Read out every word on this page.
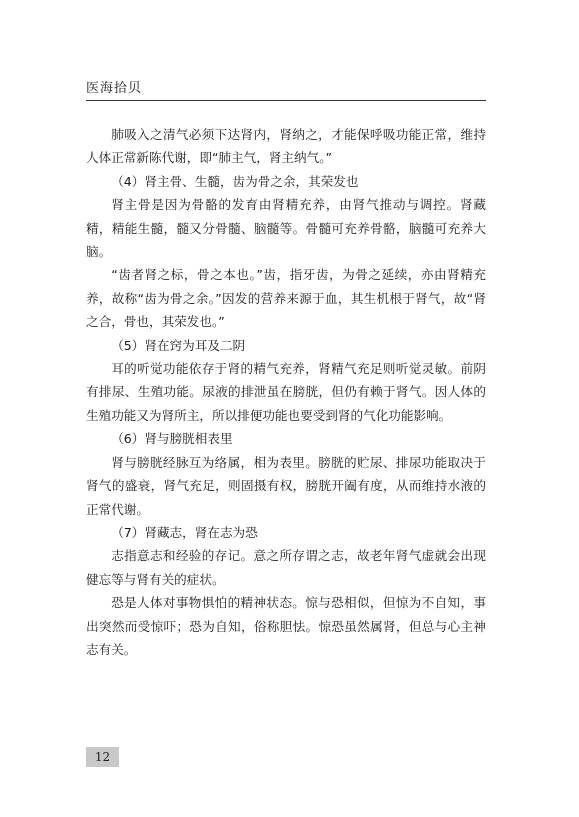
医海拾贝

肺吸入之清气必须下达肾内，肾纳之，才能保呼吸功能正常，维持人体正常新陈代谢，即“肺主气，肾主纳气。”

（4）肾主骨、生髓，齿为骨之余，其荣发也

肾主骨是因为骨骼的发育由肾精充养，由肾气推动与调控。肾藏精，精能生髓，髓又分骨髓、脑髓等。骨髓可充养骨骼，脑髓可充养大脑。

“齿者肾之标，骨之本也。”齿，指牙齿，为骨之延续，亦由肾精充养，故称“齿为骨之余。”因发的营养来源于血，其生机根于肾气，故“肾之合，骨也，其荣发也。”

（5）肾在窍为耳及二阴

耳的听觉功能依存于肾的精气充养，肾精气充足则听觉灵敏。前阴有排尿、生殖功能。尿液的排泄虽在膀胱，但仍有赖于肾气。因人体的生殖功能又为肾所主，所以排便功能也要受到肾的气化功能影响。

（6）肾与膀胱相表里

肾与膀胱经脉互为络属，相为表里。膀胱的贮尿、排尿功能取决于肾气的盛衰，肾气充足，则固摄有权，膀胱开阖有度，从而维持水液的正常代谢。

（7）肾藏志，肾在志为恐

志指意志和经验的存记。意之所存谓之志，故老年肾气虚就会出现健忘等与肾有关的症状。

恐是人体对事物惧怕的精神状态。惊与恐相似，但惊为不自知，事出突然而受惊吓；恐为自知，俗称胆怯。惊恐虽然属肾，但总与心主神志有关。

12
